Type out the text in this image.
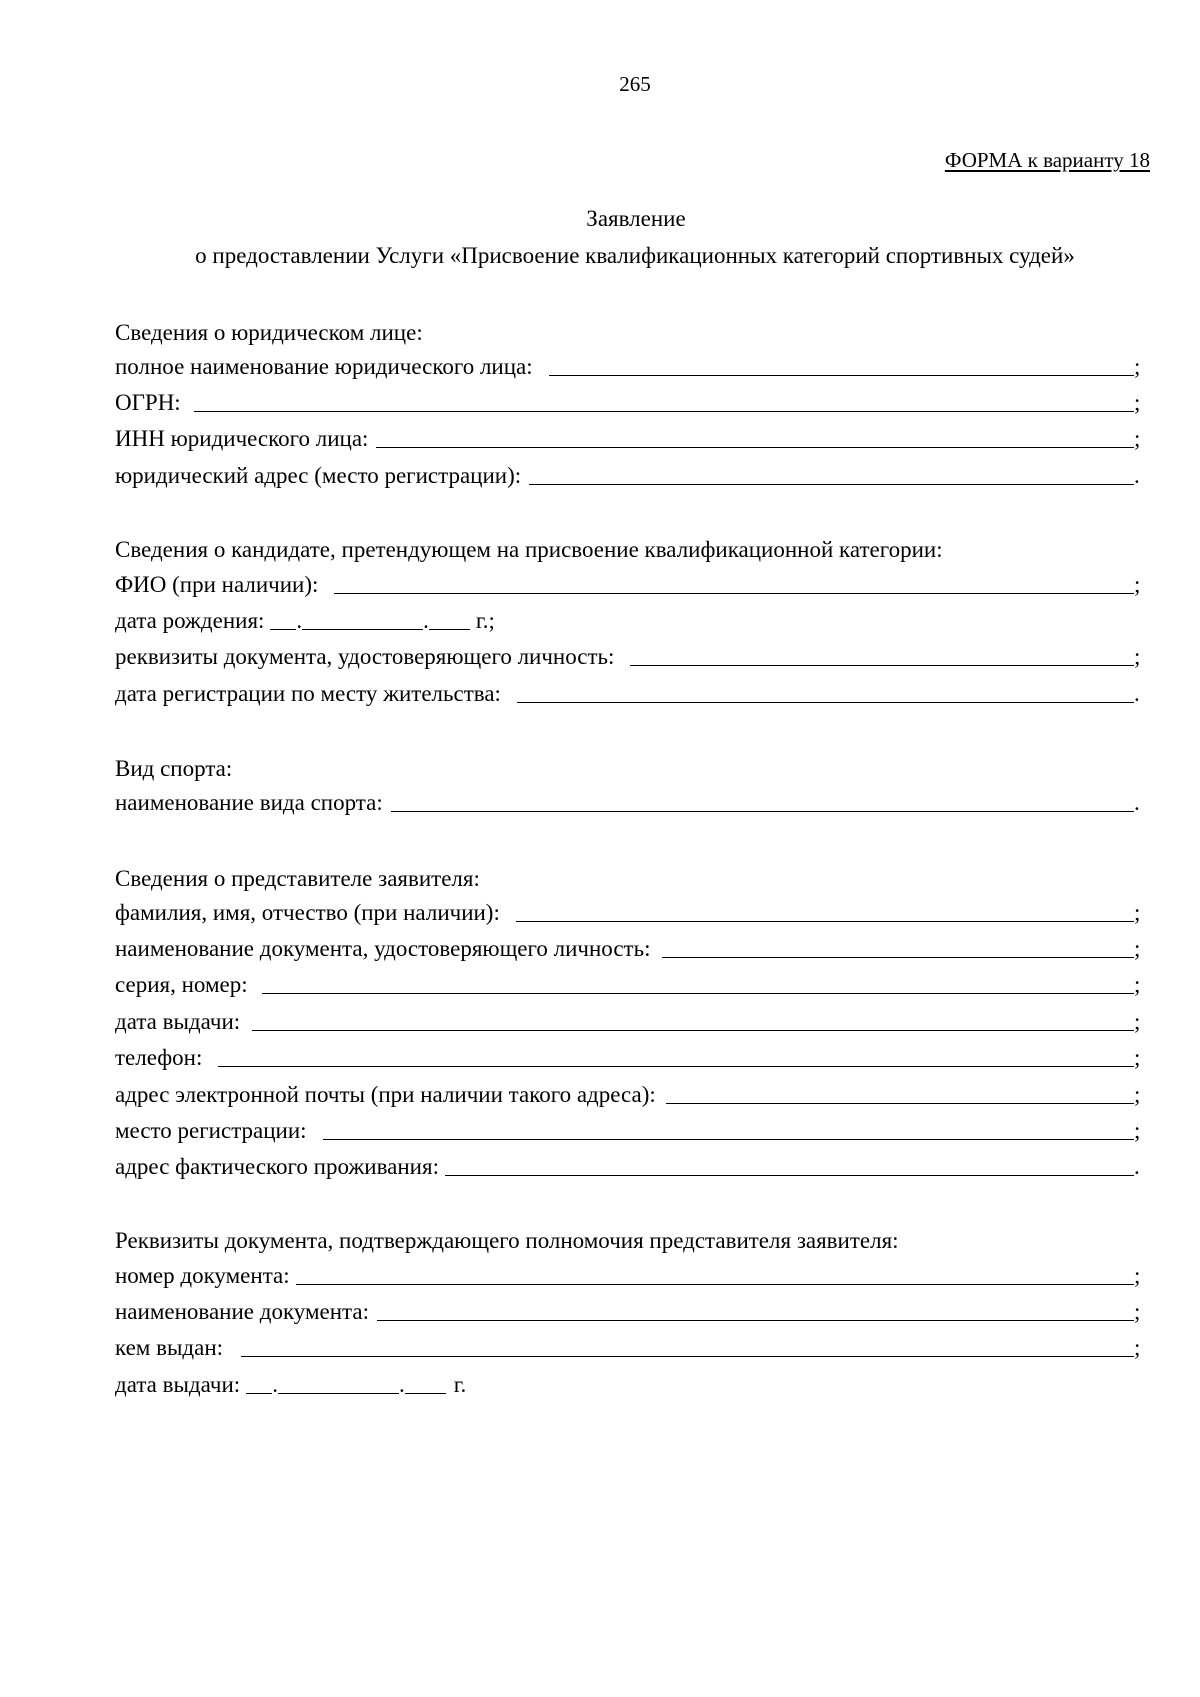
265
ФОРМА к варианту 18
Заявление
о предоставлении Услуги «Присвоение квалификационных категорий спортивных судей»
Сведения о юридическом лице:
полное наименование юридического лица:	;
ОГРН:	;
ИНН юридического лица:	;
юридический адрес (место регистрации):	.
Сведения о кандидате, претендующем на присвоение квалификационной категории:
ФИО (при наличии):	;
дата рождения: .	. г.;
реквизиты документа, удостоверяющего личность:	;
дата регистрации по месту жительства:	.
Вид спорта:
наименование вида спорта:	.
Сведения о представителе заявителя:
фамилия, имя, отчество (при наличии):	;
наименование документа, удостоверяющего личность:	;
серия, номер:	;
дата выдачи:	;
телефон:	;
адрес электронной почты (при наличии такого адреса):	;
место регистрации:	;
адрес фактического проживания:	.
Реквизиты документа, подтверждающего полномочия представителя заявителя:
номер документа:	;
наименование документа:	;
кем выдан:	;
дата выдачи: .	. г.
